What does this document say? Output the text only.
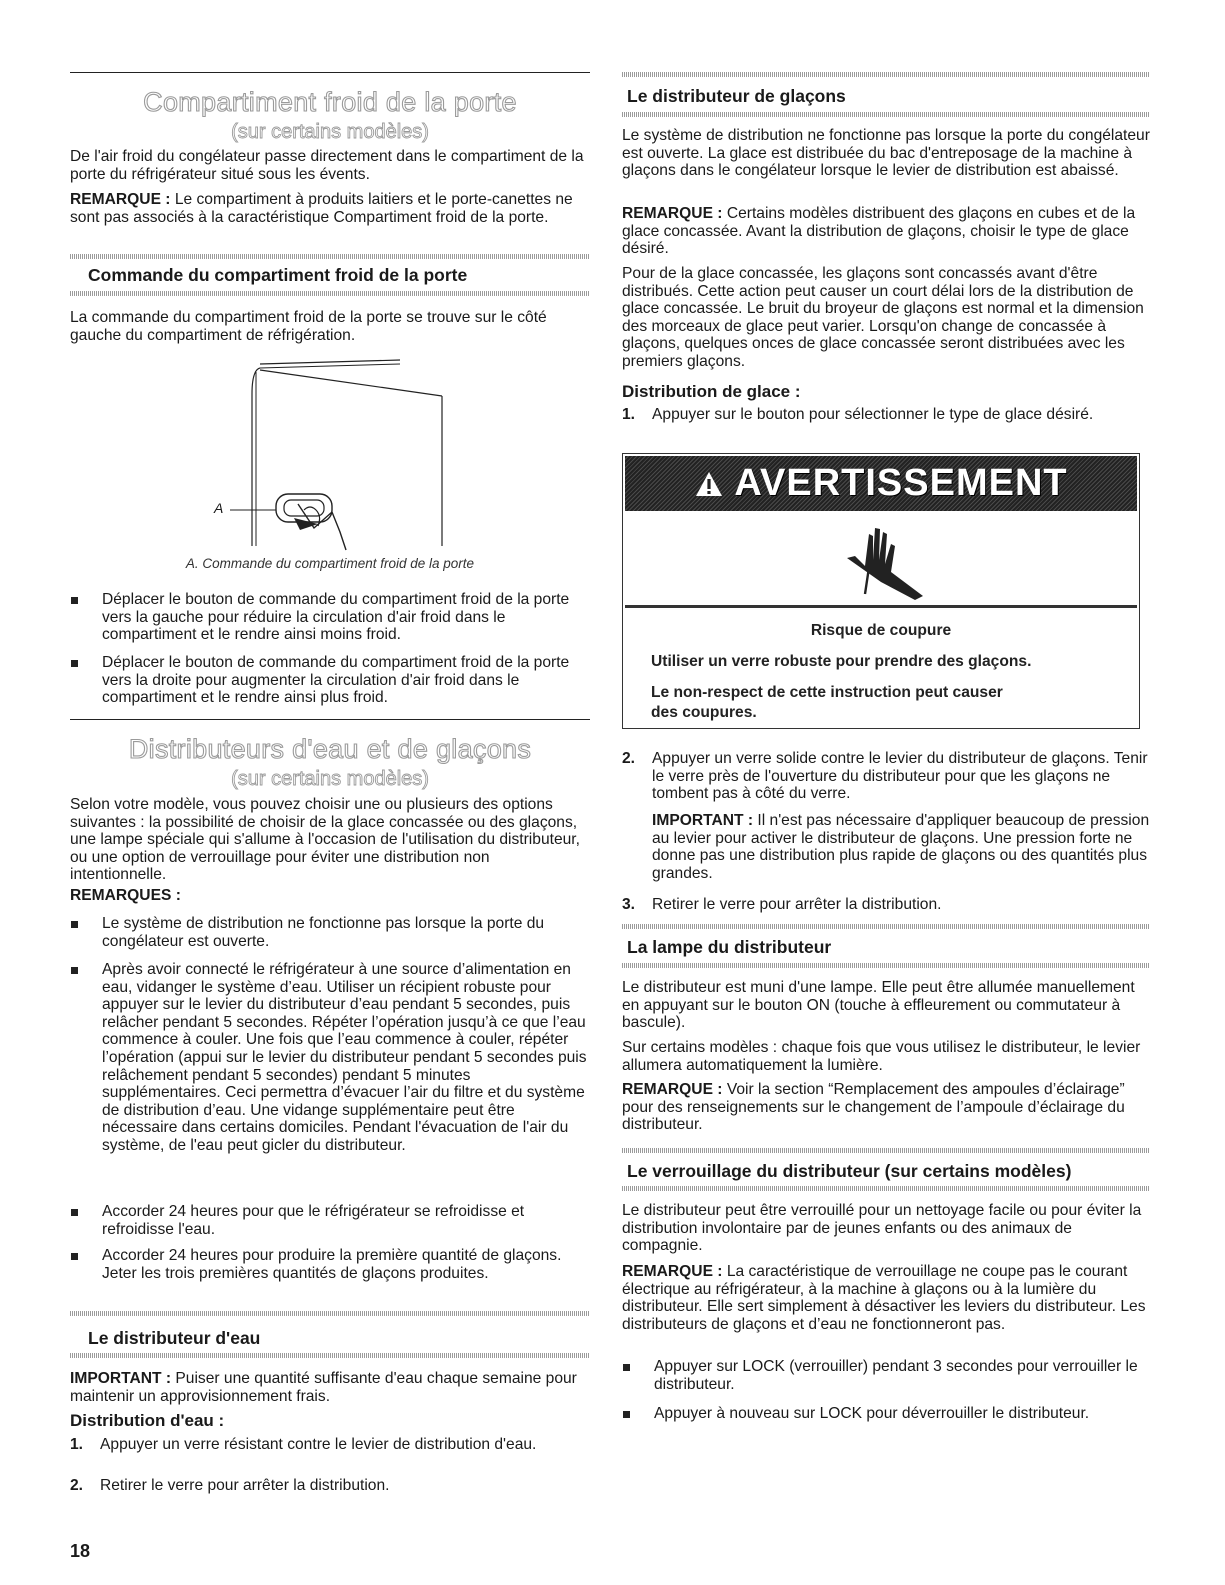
Compartiment froid de la porte
(sur certains modèles)

De l'air froid du congélateur passe directement dans le compartiment de la porte du réfrigérateur situé sous les évents.

REMARQUE : Le compartiment à produits laitiers et le porte-canettes ne sont pas associés à la caractéristique Compartiment froid de la porte.

Commande du compartiment froid de la porte

La commande du compartiment froid de la porte se trouve sur le côté gauche du compartiment de réfrigération.

A
A. Commande du compartiment froid de la porte

Déplacer le bouton de commande du compartiment froid de la porte vers la gauche pour réduire la circulation d'air froid dans le compartiment et le rendre ainsi moins froid.

Déplacer le bouton de commande du compartiment froid de la porte vers la droite pour augmenter la circulation d'air froid dans le compartiment et le rendre ainsi plus froid.

Distributeurs d'eau et de glaçons
(sur certains modèles)

Selon votre modèle, vous pouvez choisir une ou plusieurs des options suivantes : la possibilité de choisir de la glace concassée ou des glaçons, une lampe spéciale qui s'allume à l'occasion de l'utilisation du distributeur, ou une option de verrouillage pour éviter une distribution non intentionnelle.

REMARQUES :

Le système de distribution ne fonctionne pas lorsque la porte du congélateur est ouverte.

Après avoir connecté le réfrigérateur à une source d’alimentation en eau, vidanger le système d’eau. Utiliser un récipient robuste pour appuyer sur le levier du distributeur d’eau pendant 5 secondes, puis relâcher pendant 5 secondes. Répéter l’opération jusqu’à ce que l’eau commence à couler. Une fois que l’eau commence à couler, répéter l’opération (appui sur le levier du distributeur pendant 5 secondes puis relâchement pendant 5 secondes) pendant 5 minutes supplémentaires. Ceci permettra d’évacuer l’air du filtre et du système de distribution d’eau. Une vidange supplémentaire peut être nécessaire dans certains domiciles. Pendant l'évacuation de l'air du système, de l'eau peut gicler du distributeur.

Accorder 24 heures pour que le réfrigérateur se refroidisse et refroidisse l'eau.

Accorder 24 heures pour produire la première quantité de glaçons. Jeter les trois premières quantités de glaçons produites.

Le distributeur d'eau

IMPORTANT : Puiser une quantité suffisante d'eau chaque semaine pour maintenir un approvisionnement frais.

Distribution d'eau :
1. Appuyer un verre résistant contre le levier de distribution d'eau.

2. Retirer le verre pour arrêter la distribution.

18
Le distributeur de glaçons

Le système de distribution ne fonctionne pas lorsque la porte du congélateur est ouverte. La glace est distribuée du bac d'entreposage de la machine à glaçons dans le congélateur lorsque le levier de distribution est abaissé.

REMARQUE : Certains modèles distribuent des glaçons en cubes et de la glace concassée. Avant la distribution de glaçons, choisir le type de glace désiré.

Pour de la glace concassée, les glaçons sont concassés avant d'être distribués. Cette action peut causer un court délai lors de la distribution de glace concassée. Le bruit du broyeur de glaçons est normal et la dimension des morceaux de glace peut varier. Lorsqu'on change de concassée à glaçons, quelques onces de glace concassée seront distribuées avec les premiers glaçons.

Distribution de glace :
1. Appuyer sur le bouton pour sélectionner le type de glace désiré.

AVERTISSEMENT
Risque de coupure
Utiliser un verre robuste pour prendre des glaçons.
Le non-respect de cette instruction peut causer
des coupures.
2. Appuyer un verre solide contre le levier du distributeur de glaçons. Tenir le verre près de l'ouverture du distributeur pour que les glaçons ne tombent pas à côté du verre.

IMPORTANT : Il n'est pas nécessaire d'appliquer beaucoup de pression au levier pour activer le distributeur de glaçons. Une pression forte ne donne pas une distribution plus rapide de glaçons ou des quantités plus grandes.

3. Retirer le verre pour arrêter la distribution.

La lampe du distributeur

Le distributeur est muni d'une lampe. Elle peut être allumée manuellement en appuyant sur le bouton ON (touche à effleurement ou commutateur à bascule).

Sur certains modèles : chaque fois que vous utilisez le distributeur, le levier allumera automatiquement la lumière.

REMARQUE : Voir la section “Remplacement des ampoules d’éclairage” pour des renseignements sur le changement de l’ampoule d’éclairage du distributeur.

Le verrouillage du distributeur (sur certains modèles)

Le distributeur peut être verrouillé pour un nettoyage facile ou pour éviter la distribution involontaire par de jeunes enfants ou des animaux de compagnie.

REMARQUE : La caractéristique de verrouillage ne coupe pas le courant électrique au réfrigérateur, à la machine à glaçons ou à la lumière du distributeur. Elle sert simplement à désactiver les leviers du distributeur. Les distributeurs de glaçons et d’eau ne fonctionneront pas.

Appuyer sur LOCK (verrouiller) pendant 3 secondes pour verrouiller le distributeur.

Appuyer à nouveau sur LOCK pour déverrouiller le distributeur.
